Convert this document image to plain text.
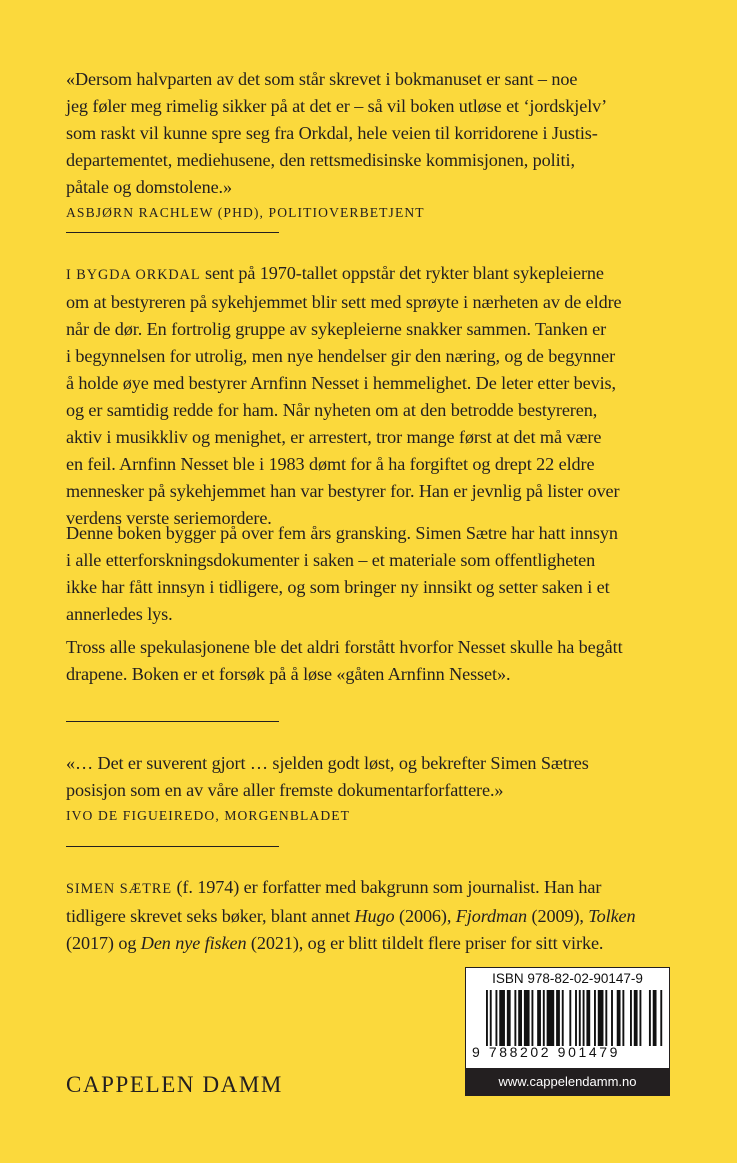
«Dersom halvparten av det som står skrevet i bokmanuset er sant – noe

jeg føler meg rimelig sikker på at det er – så vil boken utløse et ‘jordskjelv’

som raskt vil kunne spre seg fra Orkdal, hele veien til korridorene i Justis-

departementet, mediehusene, den rettsmedisinske kommisjonen, politi,

påtale og domstolene.»

ASBJØRN RACHLEW (PHD), POLITIOVERBETJENT

I BYGDA ORKDAL sent på 1970-tallet oppstår det rykter blant sykepleierne

om at bestyreren på sykehjemmet blir sett med sprøyte i nærheten av de eldre

når de dør. En fortrolig gruppe av sykepleierne snakker sammen. Tanken er

i begynnelsen for utrolig, men nye hendelser gir den næring, og de begynner

å holde øye med bestyrer Arnfinn Nesset i hemmelighet. De leter etter bevis,

og er samtidig redde for ham. Når nyheten om at den betrodde bestyreren,

aktiv i musikkliv og menighet, er arrestert, tror mange først at det må være

en feil. Arnfinn Nesset ble i 1983 dømt for å ha forgiftet og drept 22 eldre

mennesker på sykehjemmet han var bestyrer for. Han er jevnlig på lister over

verdens verste seriemordere.

Denne boken bygger på over fem års gransking. Simen Sætre har hatt innsyn

i alle etterforskningsdokumenter i saken – et materiale som offentligheten

ikke har fått innsyn i tidligere, og som bringer ny innsikt og setter saken i et

annerledes lys.

Tross alle spekulasjonene ble det aldri forstått hvorfor Nesset skulle ha begått

drapene. Boken er et forsøk på å løse «gåten Arnfinn Nesset».

«… Det er suverent gjort … sjelden godt løst, og bekrefter Simen Sætres

posisjon som en av våre aller fremste dokumentarforfattere.»

IVO DE FIGUEIREDO, MORGENBLADET

SIMEN SÆTRE (f. 1974) er forfatter med bakgrunn som journalist. Han har

tidligere skrevet seks bøker, blant annet Hugo (2006), Fjordman (2009), Tolken

(2017) og Den nye fisken (2021), og er blitt tildelt flere priser for sitt virke.

CAPPELEN DAMM
ISBN 978-82-02-90147-9
9 788202 901479
www.cappelendamm.no
